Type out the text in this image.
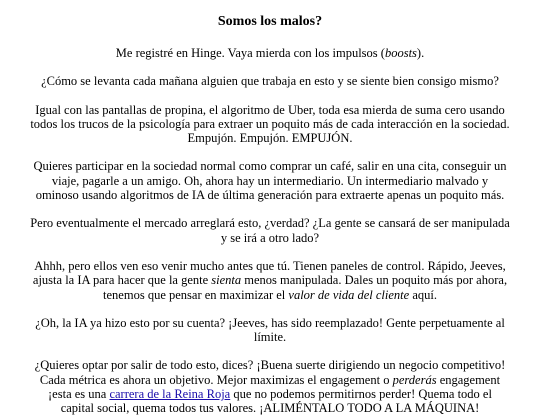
Somos los malos?

Me registré en Hinge. Vaya mierda con los impulsos (boosts).

¿Cómo se levanta cada mañana alguien que trabaja en esto y se siente bien consigo mismo?

Igual con las pantallas de propina, el algoritmo de Uber, toda esa mierda de suma cero usando todos los trucos de la psicología para extraer un poquito más de cada interacción en la sociedad. Empujón. Empujón. EMPUJÓN.

Quieres participar en la sociedad normal como comprar un café, salir en una cita, conseguir un viaje, pagarle a un amigo. Oh, ahora hay un intermediario. Un intermediario malvado y ominoso usando algoritmos de IA de última generación para extraerte apenas un poquito más.

Pero eventualmente el mercado arreglará esto, ¿verdad? ¿La gente se cansará de ser manipulada y se irá a otro lado?

Ahhh, pero ellos ven eso venir mucho antes que tú. Tienen paneles de control. Rápido, Jeeves, ajusta la IA para hacer que la gente sienta menos manipulada. Dales un poquito más por ahora, tenemos que pensar en maximizar el valor de vida del cliente aquí.

¿Oh, la IA ya hizo esto por su cuenta? ¡Jeeves, has sido reemplazado! Gente perpetuamente al límite.

¿Quieres optar por salir de todo esto, dices? ¡Buena suerte dirigiendo un negocio competitivo! Cada métrica es ahora un objetivo. Mejor maximizas el engagement o perderás engagement ¡esta es una carrera de la Reina Roja que no podemos permitirnos perder! Quema todo el capital social, quema todos tus valores. ¡ALIMÉNTALO TODO A LA MÁQUINA!
